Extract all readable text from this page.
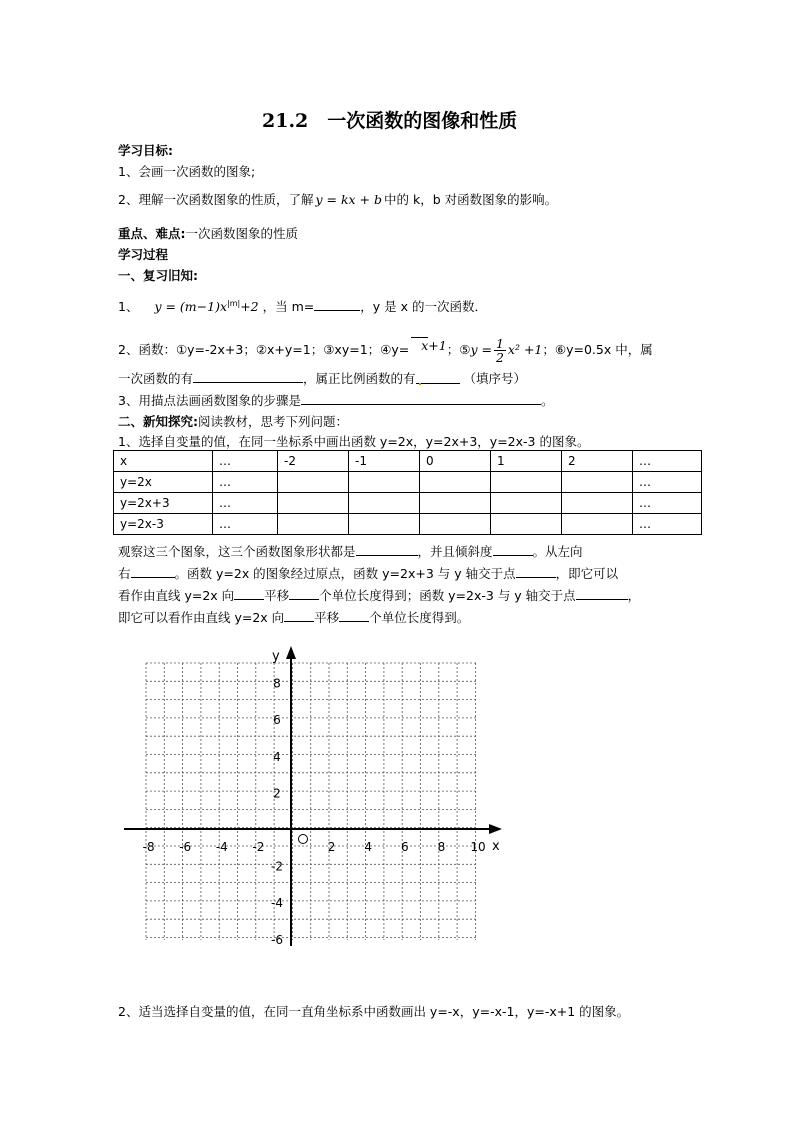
21.2　一次函数的图像和性质
学习目标:
1、会画一次函数的图象;
2、理解一次函数图象的性质，了解 y = kx + b 中的 k，b 对函数图象的影响。
重点、难点:一次函数图象的性质
学习过程
一、复习旧知:
1、 $y = (m-1)x^{|m|}+2$ ，当 m=	，y 是 x 的一次函数．
2、函数：①y=-2x+3；②x+y=1；③xy=1；④y= x+1；⑤y = $\frac{1}{2} x^2 +1$；⑥y=0.5x 中，属
一次函数的有	，属正比例函数的有	（填序号）
3、用描点法画函数图象的步骤是	。
二、新知探究:阅读教材，思考下列问题：
1、选择自变量的值，在同一坐标系中画出函数 y=2x，y=2x+3，y=2x-3 的图象。
x	…	-2	-1	0	1	2	…
y=2x	…						…
y=2x+3	…						…
y=2x-3	…						…
观察这三个图象，这三个函数图象形状都是	，并且倾斜度	。从左向
右	。函数 y=2x 的图象经过原点，函数 y=2x+3 与 y 轴交于点	，即它可以
看作由直线 y=2x 向 平移 个单位长度得到；函数 y=2x-3 与 y 轴交于点	，
即它可以看作由直线 y=2x 向 平移 个单位长度得到。
y
x
-8 -6 -4 -2	2 4 6 8 10
8
6
4
2
-2
-4
-6
2、适当选择自变量的值，在同一直角坐标系中函数画出 y=-x，y=-x-1，y=-x+1 的图象。
